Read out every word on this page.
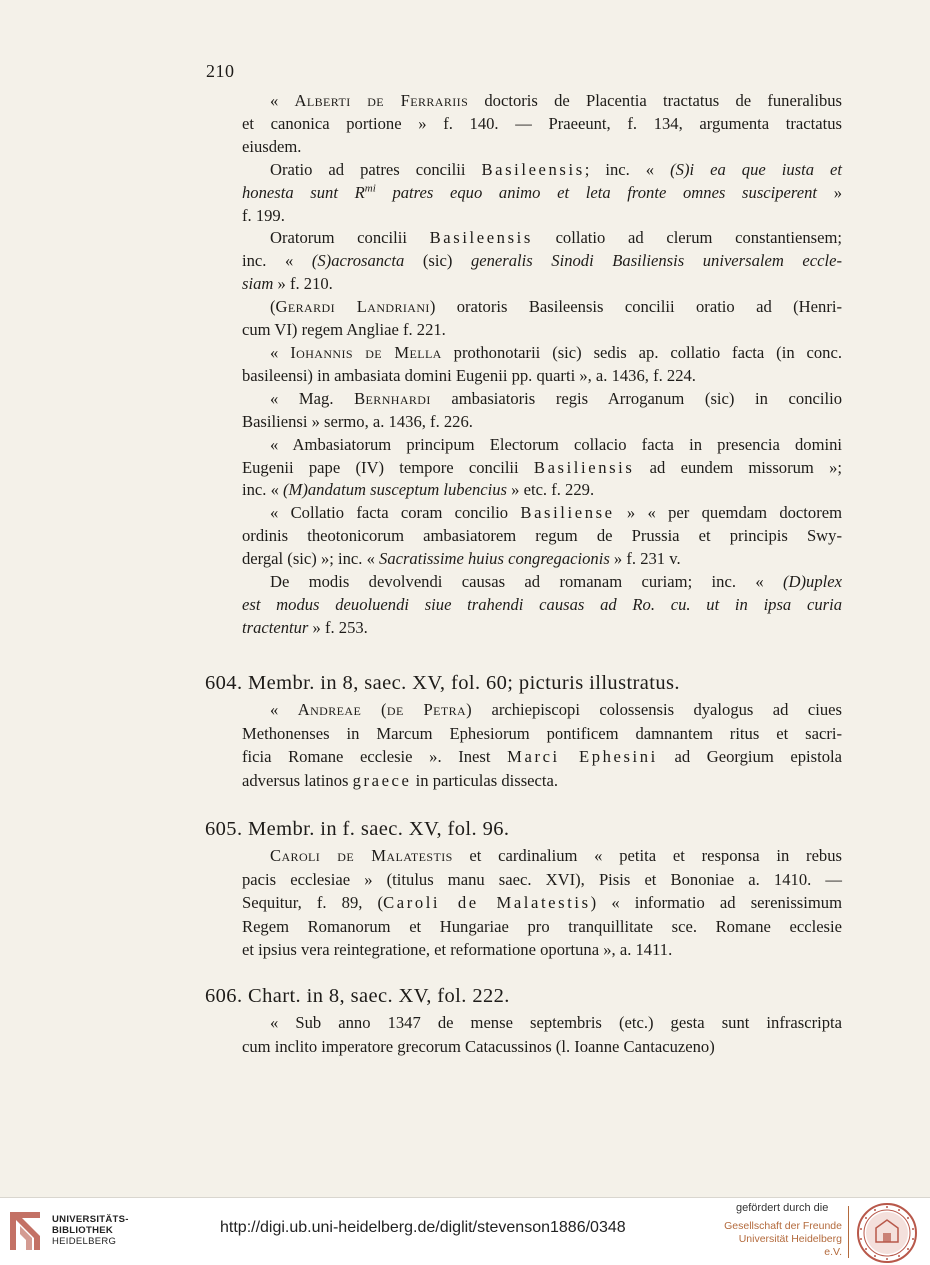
210
« Alberti de Ferrariis doctoris de Placentia tractatus de funeralibus
et canonica portione » f. 140. — Praeeunt, f. 134, argumenta tractatus
eiusdem.
Oratio ad patres concilii Basileensis; inc. « (S)i ea que iusta et
honesta sunt $R^{mi}$ patres equo animo et leta fronte omnes susciperent »
f. 199.
Oratorum concilii Basileensis collatio ad clerum constantiensem;
inc. « (S)acrosancta (sic) generalis Sinodi Basiliensis universalem eccle-
siam » f. 210.
(Gerardi Landriani) oratoris Basileensis concilii oratio ad (Henri-
cum VI) regem Angliae f. 221.
« Iohannis de Mella prothonotarii (sic) sedis ap. collatio facta (in conc.
basileensi) in ambasiata domini Eugenii pp. quarti », a. 1436, f. 224.
« Mag. Bernhardi ambasiatoris regis Arroganum (sic) in concilio
Basiliensi » sermo, a. 1436, f. 226.
« Ambasiatorum principum Electorum collacio facta in presencia domini
Eugenii pape (IV) tempore concilii Basiliensis ad eundem missorum »;
inc. « (M)andatum susceptum lubencius » etc. f. 229.
« Collatio facta coram concilio Basiliense » « per quemdam doctorem
ordinis theotonicorum ambasiatorem regum de Prussia et principis Swy-
dergal (sic) »; inc. « Sacratissime huius congregacionis » f. 231 v.
De modis devolvendi causas ad romanam curiam; inc. « (D)uplex
est modus deuoluendi siue trahendi causas ad Ro. cu. ut in ipsa curia
tractentur » f. 253.
604. Membr. in 8, saec. XV, fol. 60; picturis illustratus.
« Andreae (de Petra) archiepiscopi colossensis dyalogus ad ciues
Methonenses in Marcum Ephesiorum pontificem damnantem ritus et sacri-
ficia Romane ecclesie ». Inest Marci Ephesini ad Georgium epistola
adversus latinos graece in particulas dissecta.
605. Membr. in f. saec. XV, fol. 96.
Caroli de Malatestis et cardinalium « petita et responsa in rebus
pacis ecclesiae » (titulus manu saec. XVI), Pisis et Bononiae a. 1410. —
Sequitur, f. 89, (Caroli de Malatestis) « informatio ad serenissimum
Regem Romanorum et Hungariae pro tranquillitate sce. Romane ecclesie
et ipsius vera reintegratione, et reformatione oportuna », a. 1411.
606. Chart. in 8, saec. XV, fol. 222.
« Sub anno 1347 de mense septembris (etc.) gesta sunt infrascripta
cum inclito imperatore grecorum Catacussinos (l. Ioanne Cantacuzeno)
UNIVERSITÄTS-
BIBLIOTHEK
HEIDELBERG
http://digi.ub.uni-heidelberg.de/diglit/stevenson1886/0348
gefördert durch die
Gesellschaft der Freunde
Universität Heidelberg e.V.
